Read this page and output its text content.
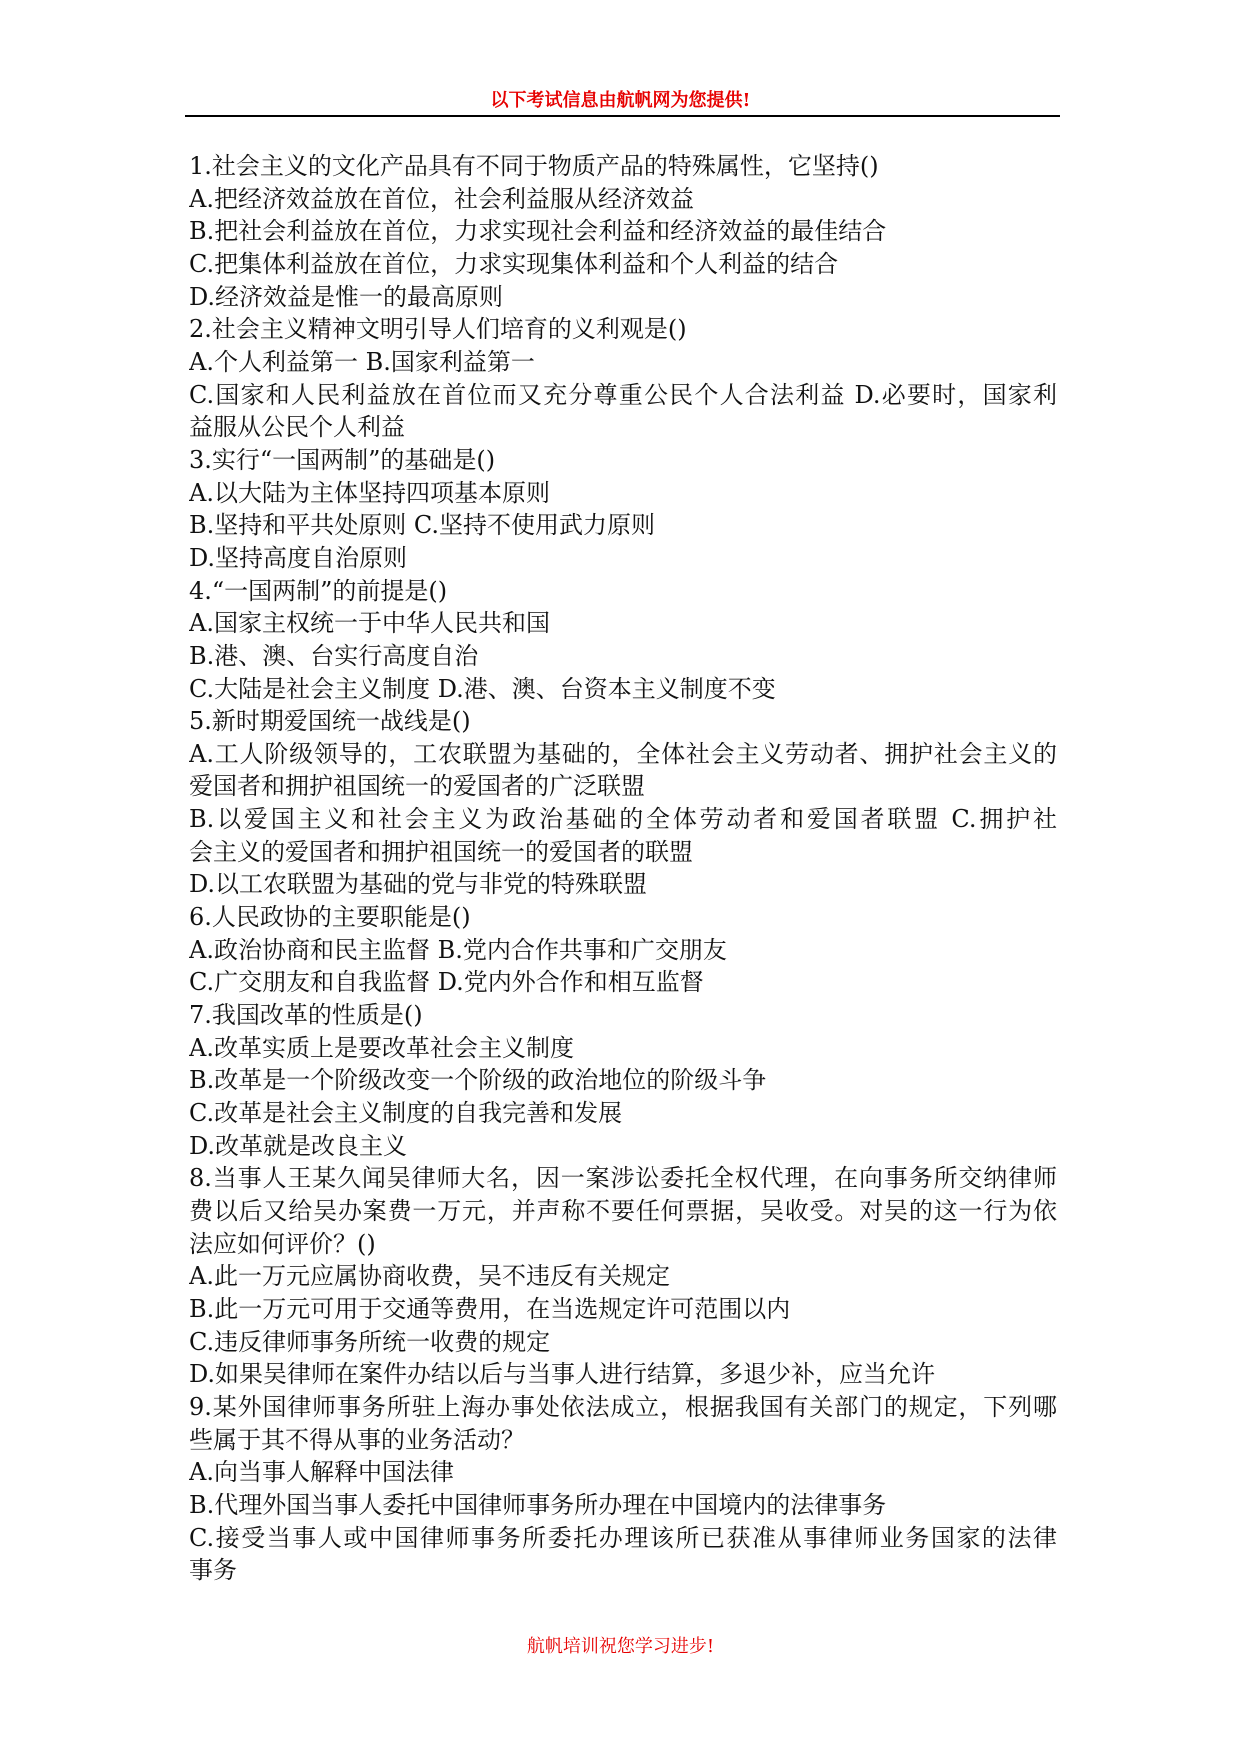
以下考试信息由航帆网为您提供!
1.社会主义的文化产品具有不同于物质产品的特殊属性，它坚持()
A.把经济效益放在首位，社会利益服从经济效益
B.把社会利益放在首位，力求实现社会利益和经济效益的最佳结合
C.把集体利益放在首位，力求实现集体利益和个人利益的结合
D.经济效益是惟一的最高原则
2.社会主义精神文明引导人们培育的义利观是()
A.个人利益第一 B.国家利益第一
C.国家和人民利益放在首位而又充分尊重公民个人合法利益 D.必要时，国家利
益服从公民个人利益
3.实行“一国两制”的基础是()
A.以大陆为主体坚持四项基本原则
B.坚持和平共处原则 C.坚持不使用武力原则
D.坚持高度自治原则
4.“一国两制”的前提是()
A.国家主权统一于中华人民共和国
B.港、澳、台实行高度自治
C.大陆是社会主义制度 D.港、澳、台资本主义制度不变
5.新时期爱国统一战线是()
A.工人阶级领导的，工农联盟为基础的，全体社会主义劳动者、拥护社会主义的
爱国者和拥护祖国统一的爱国者的广泛联盟
B.以爱国主义和社会主义为政治基础的全体劳动者和爱国者联盟 C.拥护社
会主义的爱国者和拥护祖国统一的爱国者的联盟
D.以工农联盟为基础的党与非党的特殊联盟
6.人民政协的主要职能是()
A.政治协商和民主监督 B.党内合作共事和广交朋友
C.广交朋友和自我监督 D.党内外合作和相互监督
7.我国改革的性质是()
A.改革实质上是要改革社会主义制度
B.改革是一个阶级改变一个阶级的政治地位的阶级斗争
C.改革是社会主义制度的自我完善和发展
D.改革就是改良主义
8.当事人王某久闻吴律师大名，因一案涉讼委托全权代理，在向事务所交纳律师
费以后又给吴办案费一万元，并声称不要任何票据，吴收受。对吴的这一行为依
法应如何评价？()
A.此一万元应属协商收费，吴不违反有关规定
B.此一万元可用于交通等费用，在当选规定许可范围以内
C.违反律师事务所统一收费的规定
D.如果吴律师在案件办结以后与当事人进行结算，多退少补，应当允许
9.某外国律师事务所驻上海办事处依法成立，根据我国有关部门的规定，下列哪
些属于其不得从事的业务活动？
A.向当事人解释中国法律
B.代理外国当事人委托中国律师事务所办理在中国境内的法律事务
C.接受当事人或中国律师事务所委托办理该所已获准从事律师业务国家的法律
事务
航帆培训祝您学习进步!
